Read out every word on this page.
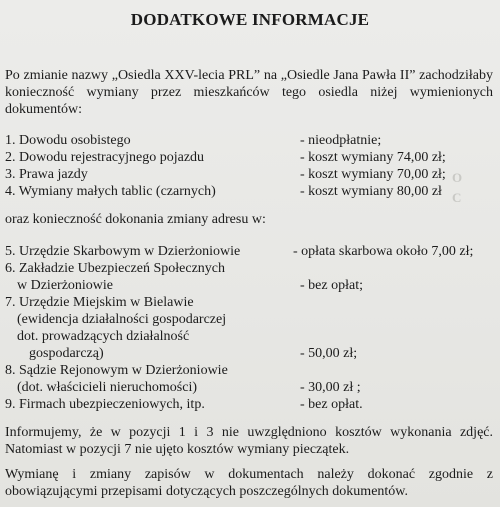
O
C
DODATKOWE INFORMACJE
Po zmianie nazwy „Osiedla XXV-lecia PRL” na „Osiedle Jana Pawła II” zachodziłaby konieczność wymiany przez mieszkańców tego osiedla niżej wymienionych dokumentów:
1. Dowodu osobistego	- nieodpłatnie;
2. Dowodu rejestracyjnego pojazdu	- koszt wymiany 74,00 zł;
3. Prawa jazdy	- koszt wymiany 70,00 zł;
4. Wymiany małych tablic (czarnych)	- koszt wymiany 80,00 zł
oraz konieczność dokonania zmiany adresu w:
5. Urzędzie Skarbowym w Dzierżoniowie	- opłata skarbowa około 7,00 zł;
6. Zakładzie Ubezpieczeń Społecznych
w Dzierżoniowie	- bez opłat;
7. Urzędzie Miejskim w Bielawie
(ewidencja działalności gospodarczej
dot. prowadzących działalność
gospodarczą)	- 50,00 zł;
8. Sądzie Rejonowym w Dzierżoniowie
(dot. właścicieli nieruchomości)	- 30,00 zł ;
9. Firmach ubezpieczeniowych, itp.	- bez opłat.
Informujemy, że w pozycji 1 i 3 nie uwzględniono kosztów wykonania zdjęć. Natomiast w pozycji 7 nie ujęto kosztów wymiany pieczątek.
Wymianę i zmiany zapisów w dokumentach należy dokonać zgodnie z obowiązującymi przepisami dotyczących poszczególnych dokumentów.
